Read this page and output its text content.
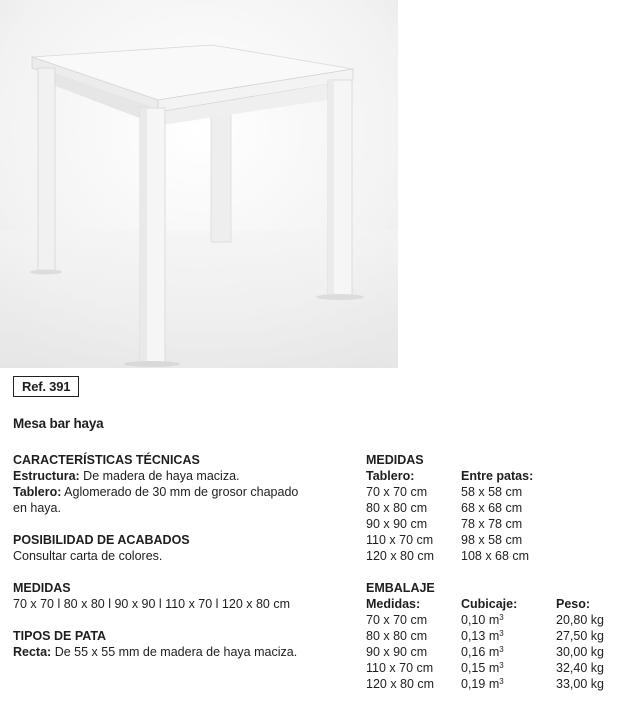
Ref. 391
Mesa bar haya
CARACTERÍSTICAS TÉCNICAS
Estructura: De madera de haya maciza.
Tablero: Aglomerado de 30 mm de grosor chapado en haya.
POSIBILIDAD DE ACABADOS
Consultar carta de colores.
MEDIDAS
70 x 70 l 80 x 80 l 90 x 90 l 110 x 70 l 120 x 80 cm
TIPOS DE PATA
Recta: De 55 x 55 mm de madera de haya maciza.
MEDIDAS
Tablero:	Entre patas:
70 x 70 cm	58 x 58 cm
80 x 80 cm	68 x 68 cm
90 x 90 cm	78 x 78 cm
110 x 70 cm	98 x 58 cm
120 x 80 cm	108 x 68 cm
EMBALAJE
Medidas:	Cubicaje:	Peso:
70 x 70 cm	0,10 $m^3$	20,80 kg
80 x 80 cm	0,13 $m^3$	27,50 kg
90 x 90 cm	0,16 $m^3$	30,00 kg
110 x 70 cm	0,15 $m^3$	32,40 kg
120 x 80 cm	0,19 $m^3$	33,00 kg
